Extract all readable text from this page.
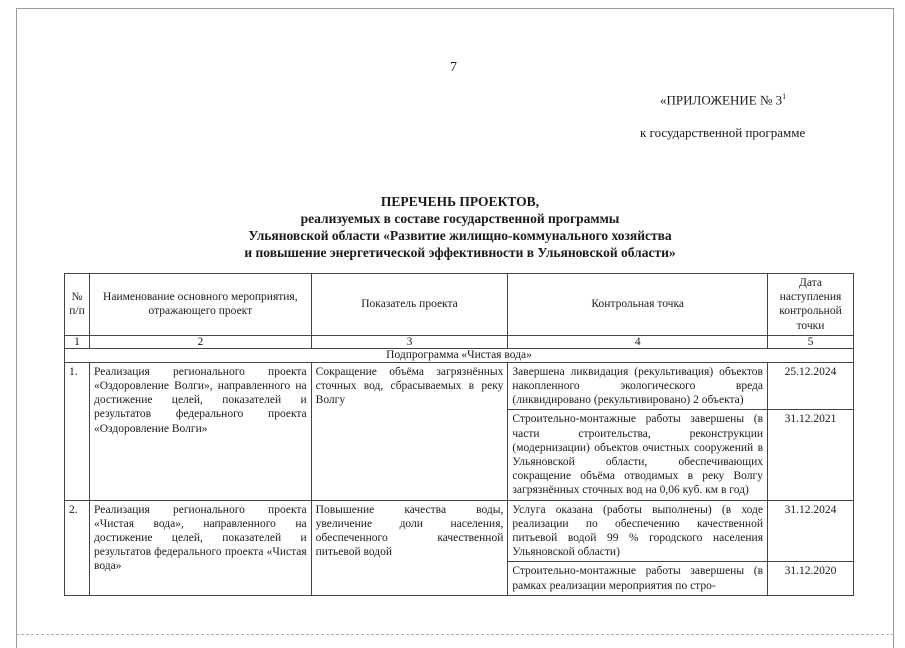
7
«ПРИЛОЖЕНИЕ № $3^1$
к государственной программе
ПЕРЕЧЕНЬ ПРОЕКТОВ,
реализуемых в составе государственной программы
Ульяновской области «Развитие жилищно-коммунального хозяйства
и повышение энергетической эффективности в Ульяновской области»
№ п/п	Наименование основного мероприятия, отражающего проект	Показатель проекта	Контрольная точка	Дата наступления контрольной точки
1	2	3	4	5
Подпрограмма «Чистая вода»				
1.	Реализация регионального проекта «Оздоровление Волги», направленного на достижение целей, показателей и результатов федерального проекта «Оздоровление Волги»	Сокращение объёма загрязнённых сточных вод, сбрасываемых в реку Волгу	Завершена ликвидация (рекультивация) объектов накопленного экологического вреда (ликвидировано (рекультивировано) 2 объекта)	25.12.2024
			Строительно-монтажные работы завершены (в части строительства, реконструкции (модернизации) объектов очистных сооружений в Ульяновской области, обеспечивающих сокращение объёма отводимых в реку Волгу загрязнённых сточных вод на 0,06 куб. км в год)	31.12.2021
2.	Реализация регионального проекта «Чистая вода», направленного на достижение целей, показателей и результатов федерального проекта «Чистая вода»	Повышение качества воды, увеличение доли населения, обеспеченного качественной питьевой водой	Услуга оказана (работы выполнены) (в ходе реализации по обеспечению качественной питьевой водой 99 % городского населения Ульяновской области)	31.12.2024
			Строительно-монтажные работы завершены (в рамках реализации мероприятия по стро-	31.12.2020
